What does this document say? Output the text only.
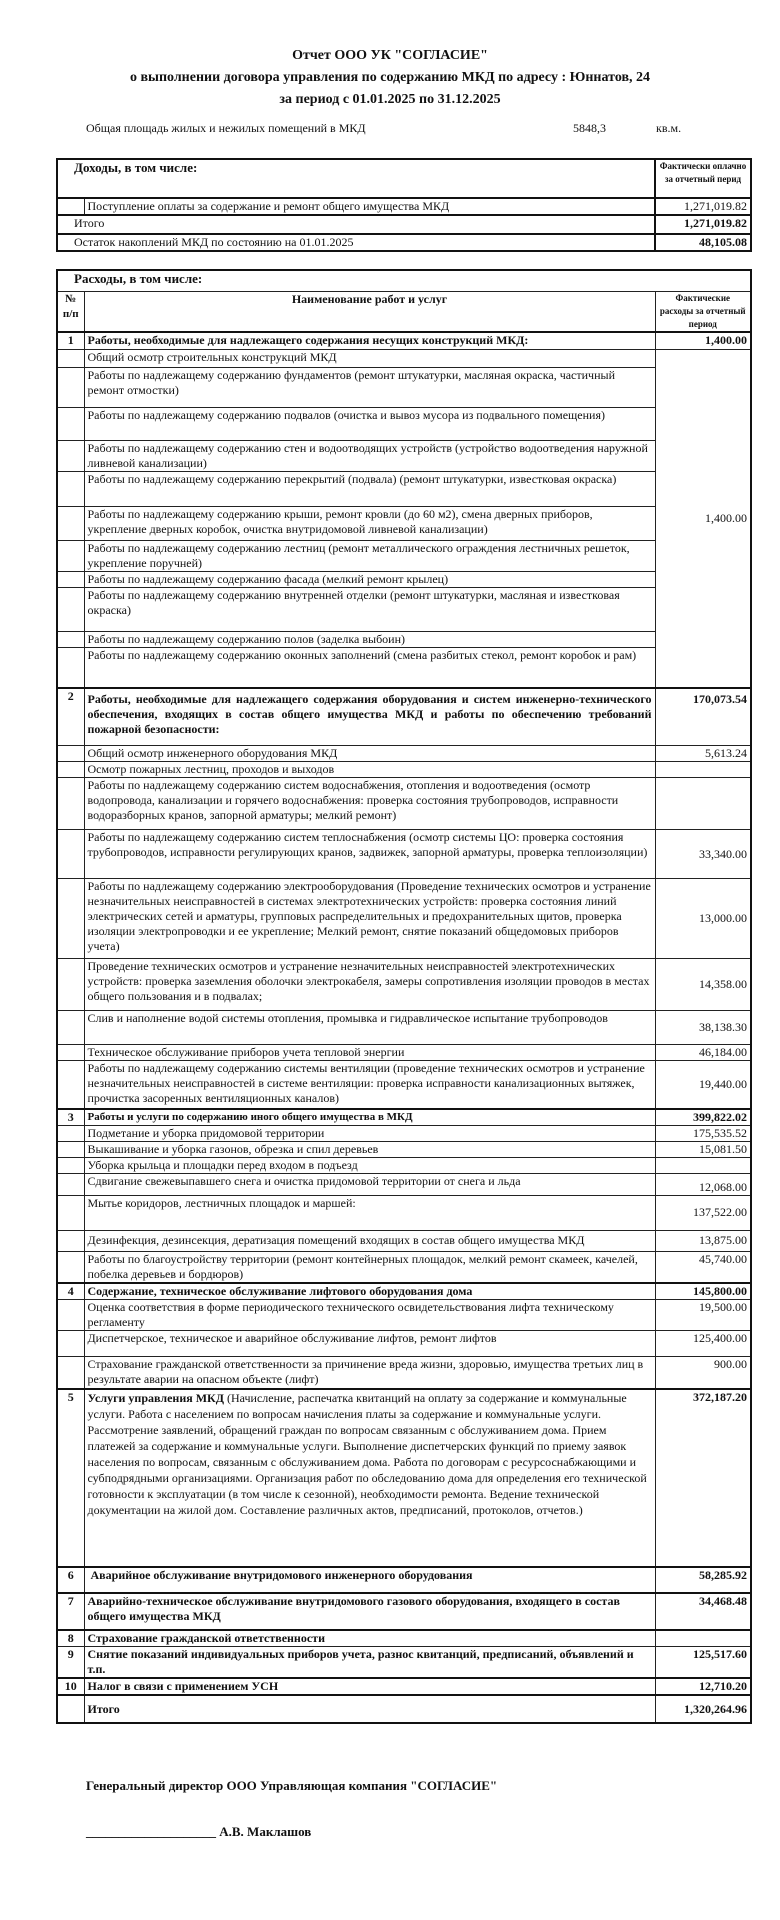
Отчет ООО УК "СОГЛАСИЕ"
о выполнении договора управления по содержанию МКД по адресу : Юннатов, 24
за период с 01.01.2025 по 31.12.2025
Общая площадь жилых и нежилых помещений в МКД	5848,3	кв.м.
Доходы, в том числе:		Фактически оплачно за отчетный перид
	Поступление оплаты за содержание и ремонт общего имущества МКД	1,271,019.82
Итого		1,271,019.82
Остаток накоплений МКД по состоянию на 01.01.2025		48,105.08
Расходы, в том числе:		
№ п/п	Наименование работ и услуг	Фактические расходы за отчетный период
1	Работы, необходимые для надлежащего содержания несущих конструкций МКД:	1,400.00
	Общий осмотр строительных конструкций МКД	1,400.00
	Работы по надлежащему содержанию фундаментов (ремонт штукатурки, масляная окраска, частичный ремонт отмостки)	
	Работы по надлежащему содержанию подвалов (очистка и вывоз мусора из подвального помещения)	
	Работы по надлежащему содержанию стен и водоотводящих устройств (устройство водоотведения наружной ливневой канализации)	
	Работы по надлежащему содержанию перекрытий (подвала) (ремонт штукатурки, известковая окраска)	
	Работы по надлежащему содержанию крыши, ремонт кровли (до 60 м2), смена дверных приборов, укрепление дверных коробок, очистка внутридомовой ливневой канализации)	
	Работы по надлежащему содержанию лестниц (ремонт металлического ограждения лестничных решеток, укрепление поручней)	
	Работы по надлежащему содержанию фасада (мелкий ремонт крылец)	
	Работы по надлежащему содержанию внутренней отделки (ремонт штукатурки, масляная и известковая окраска)	
	Работы по надлежащему содержанию полов (заделка выбоин)	
	Работы по надлежащему содержанию оконных заполнений (смена разбитых стекол, ремонт коробок и рам)	
2	Работы, необходимые для надлежащего содержания оборудования и систем инженерно-технического обеспечения, входящих в состав общего имущества МКД и работы по обеспечению требований пожарной безопасности:	170,073.54
	Общий осмотр инженерного оборудования МКД	5,613.24
	Осмотр пожарных лестниц, проходов и выходов	
	Работы по надлежащему содержанию систем водоснабжения, отопления и водоотведения (осмотр водопровода, канализации и горячего водоснабжения: проверка состояния трубопроводов, исправности водоразборных кранов, запорной арматуры; мелкий ремонт)	
	Работы по надлежащему содержанию систем теплоснабжения (осмотр системы ЦО: проверка состояния трубопроводов, исправности регулирующих кранов, задвижек, запорной арматуры, проверка теплоизоляции)	33,340.00
	Работы по надлежащему содержанию электрооборудования (Проведение технических осмотров и устранение незначительных неисправностей в системах электротехнических устройств: проверка состояния линий электрических сетей и арматуры, групповых распределительных и предохранительных щитов, проверка изоляции электропроводки и ее укрепление; Мелкий ремонт, снятие показаний общедомовых приборов учета)	13,000.00
	Проведение технических осмотров и устранение незначительных неисправностей электротехнических устройств: проверка заземления оболочки электрокабеля, замеры сопротивления изоляции проводов в местах общего пользования и в подвалах;	14,358.00
	Слив и наполнение водой системы отопления, промывка и гидравлическое испытание трубопроводов	38,138.30
	Техническое обслуживание приборов учета тепловой энергии	46,184.00
	Работы по надлежащему содержанию системы вентиляции (проведение технических осмотров и устранение незначительных неисправностей в системе вентиляции: проверка исправности канализационных вытяжек, прочистка засоренных вентиляционных каналов)	19,440.00
3	Работы и услуги по содержанию иного общего имущества в МКД	399,822.02
	Подметание и уборка придомовой территории	175,535.52
	Выкашивание и уборка газонов, обрезка и спил деревьев	15,081.50
	Уборка крыльца и площадки перед входом в подъезд	
	Сдвигание свежевыпавшего снега и очистка придомовой территории от снега и льда	12,068.00
	Мытье коридоров, лестничных площадок и маршей:	137,522.00
	Дезинфекция, дезинсекция, дератизация помещений входящих в состав общего имущества МКД	13,875.00
	Работы по благоустройству территории (ремонт контейнерных площадок, мелкий ремонт скамеек, качелей, побелка деревьев и бордюров)	45,740.00
4	Содержание, техническое обслуживание лифтового оборудования дома	145,800.00
	Оценка соответствия в форме периодического технического освидетельствования лифта техническому регламенту	19,500.00
	Диспетчерское, техническое и аварийное обслуживание лифтов, ремонт лифтов	125,400.00
	Страхование гражданской ответственности за причинение вреда жизни, здоровью, имущества третьих лиц в результате аварии на опасном объекте (лифт)	900.00
5	Услуги управления МКД (Начисление, распечатка квитанций на оплату за содержание и коммунальные услуги. Работа с населением по вопросам начисления платы за содержание и коммунальные услуги. Рассмотрение заявлений, обращений граждан по вопросам связанным с обслуживанием дома. Прием платежей за содержание и коммунальные услуги. Выполнение диспетчерских функций по приему заявок населения по вопросам, связанным с обслуживанием дома. Работа по договорам с ресурсоснабжающими и субподрядными организациями. Организация работ по обследованию дома для определения его технической готовности к эксплуатации (в том числе к сезонной), необходимости ремонта. Ведение технической документации на жилой дом. Составление различных актов, предписаний, протоколов, отчетов.)	372,187.20
6	Аварийное обслуживание внутридомового инженерного оборудования	58,285.92
7	Аварийно-техническое обслуживание внутридомового газового оборудования, входящего в состав общего имущества МКД	34,468.48
8	Страхование гражданской ответственности	
9	Снятие показаний индивидуальных приборов учета, разнос квитанций, предписаний, объявлений и т.п.	125,517.60
10	Налог в связи с применением УСН	12,710.20
	Итого	1,320,264.96
Генеральный директор ООО Управляющая компания "СОГЛАСИЕ"
____________________ А.В. Маклашов
